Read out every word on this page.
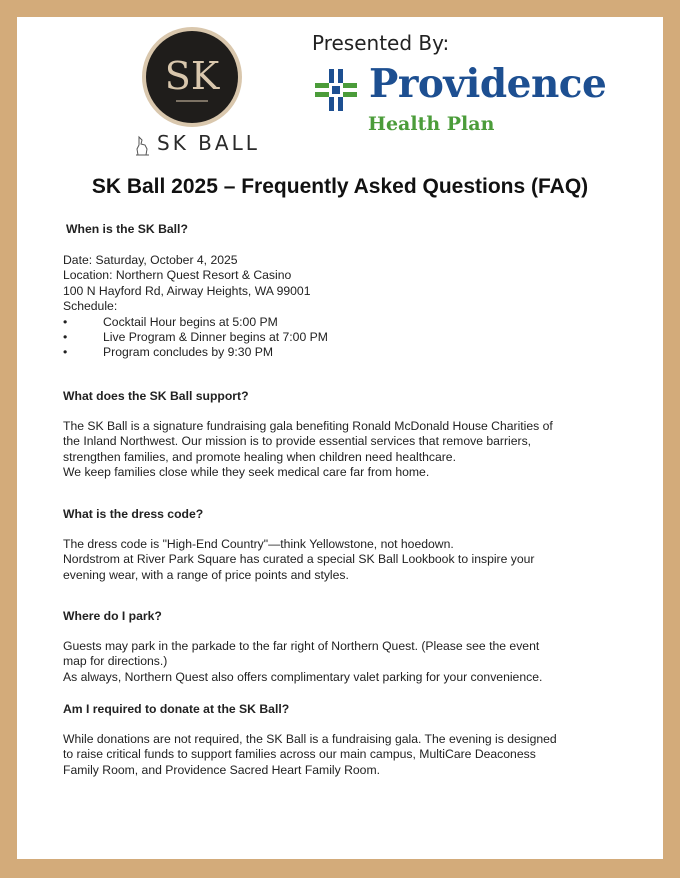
SK
SK BALL
Presented By:
Providence
Health Plan
SK Ball 2025 – Frequently Asked Questions (FAQ)

When is the SK Ball?

Date: Saturday, October 4, 2025

Location: Northern Quest Resort & Casino

100 N Hayford Rd, Airway Heights, WA 99001

Schedule:

•	Cocktail Hour begins at 5:00 PM
•	Live Program & Dinner begins at 7:00 PM
•	Program concludes by 9:30 PM

What does the SK Ball support?

The SK Ball is a signature fundraising gala benefiting Ronald McDonald House Charities of

the Inland Northwest. Our mission is to provide essential services that remove barriers,

strengthen families, and promote healing when children need healthcare.

We keep families close while they seek medical care far from home.

What is the dress code?

The dress code is "High-End Country"—think Yellowstone, not hoedown.

Nordstrom at River Park Square has curated a special SK Ball Lookbook to inspire your

evening wear, with a range of price points and styles.

Where do I park?

Guests may park in the parkade to the far right of Northern Quest. (Please see the event

map for directions.)

As always, Northern Quest also offers complimentary valet parking for your convenience.

Am I required to donate at the SK Ball?

While donations are not required, the SK Ball is a fundraising gala. The evening is designed

to raise critical funds to support families across our main campus, MultiCare Deaconess

Family Room, and Providence Sacred Heart Family Room.
